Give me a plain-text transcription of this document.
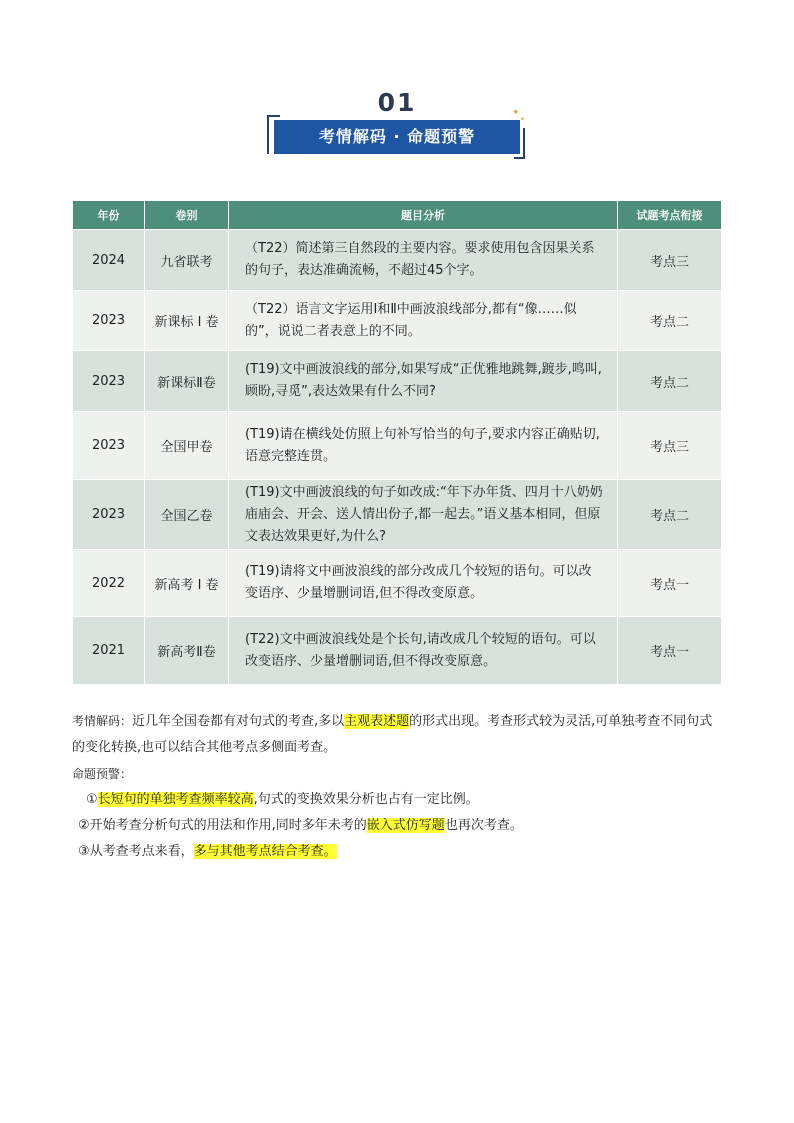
01
考情解码 · 命题预警
✦
✦
年份	卷别	题目分析	试题考点衔接
2024	九省联考	（T22）简述第三自然段的主要内容。要求使用包含因果关系的句子，表达准确流畅，不超过45个字。	考点三
2023	新课标 I 卷	（T22）语言文字运用Ⅰ和Ⅱ中画波浪线部分,都有“像……似的”，说说二者表意上的不同。	考点二
2023	新课标Ⅱ卷	(T19)文中画波浪线的部分,如果写成“正优雅地跳舞,踱步,鸣叫,顾盼,寻觅”,表达效果有什么不同?	考点二
2023	全国甲卷	(T19)请在横线处仿照上句补写恰当的句子,要求内容正确贴切,语意完整连贯。	考点三
2023	全国乙卷	(T19)文中画波浪线的句子如改成:“年下办年货、四月十八奶奶庙庙会、开会、送人情出份子,都一起去。”语义基本相同，但原文表达效果更好,为什么?	考点二
2022	新高考 I 卷	(T19)请将文中画波浪线的部分改成几个较短的语句。可以改变语序、少量增删词语,但不得改变原意。	考点一
2021	新高考Ⅱ卷	(T22)文中画波浪线处是个长句,请改成几个较短的语句。可以改变语序、少量增删词语,但不得改变原意。	考点一
考情解码：近几年全国卷都有对句式的考查,多以主观表述题的形式出现。考查形式较为灵活,可单独考查不同句式的变化转换,也可以结合其他考点多侧面考查。
命题预警：
①长短句的单独考查频率较高,句式的变换效果分析也占有一定比例。
②开始考查分析句式的用法和作用,同时多年未考的嵌入式仿写题也再次考查。
③从考查考点来看，多与其他考点结合考查。
